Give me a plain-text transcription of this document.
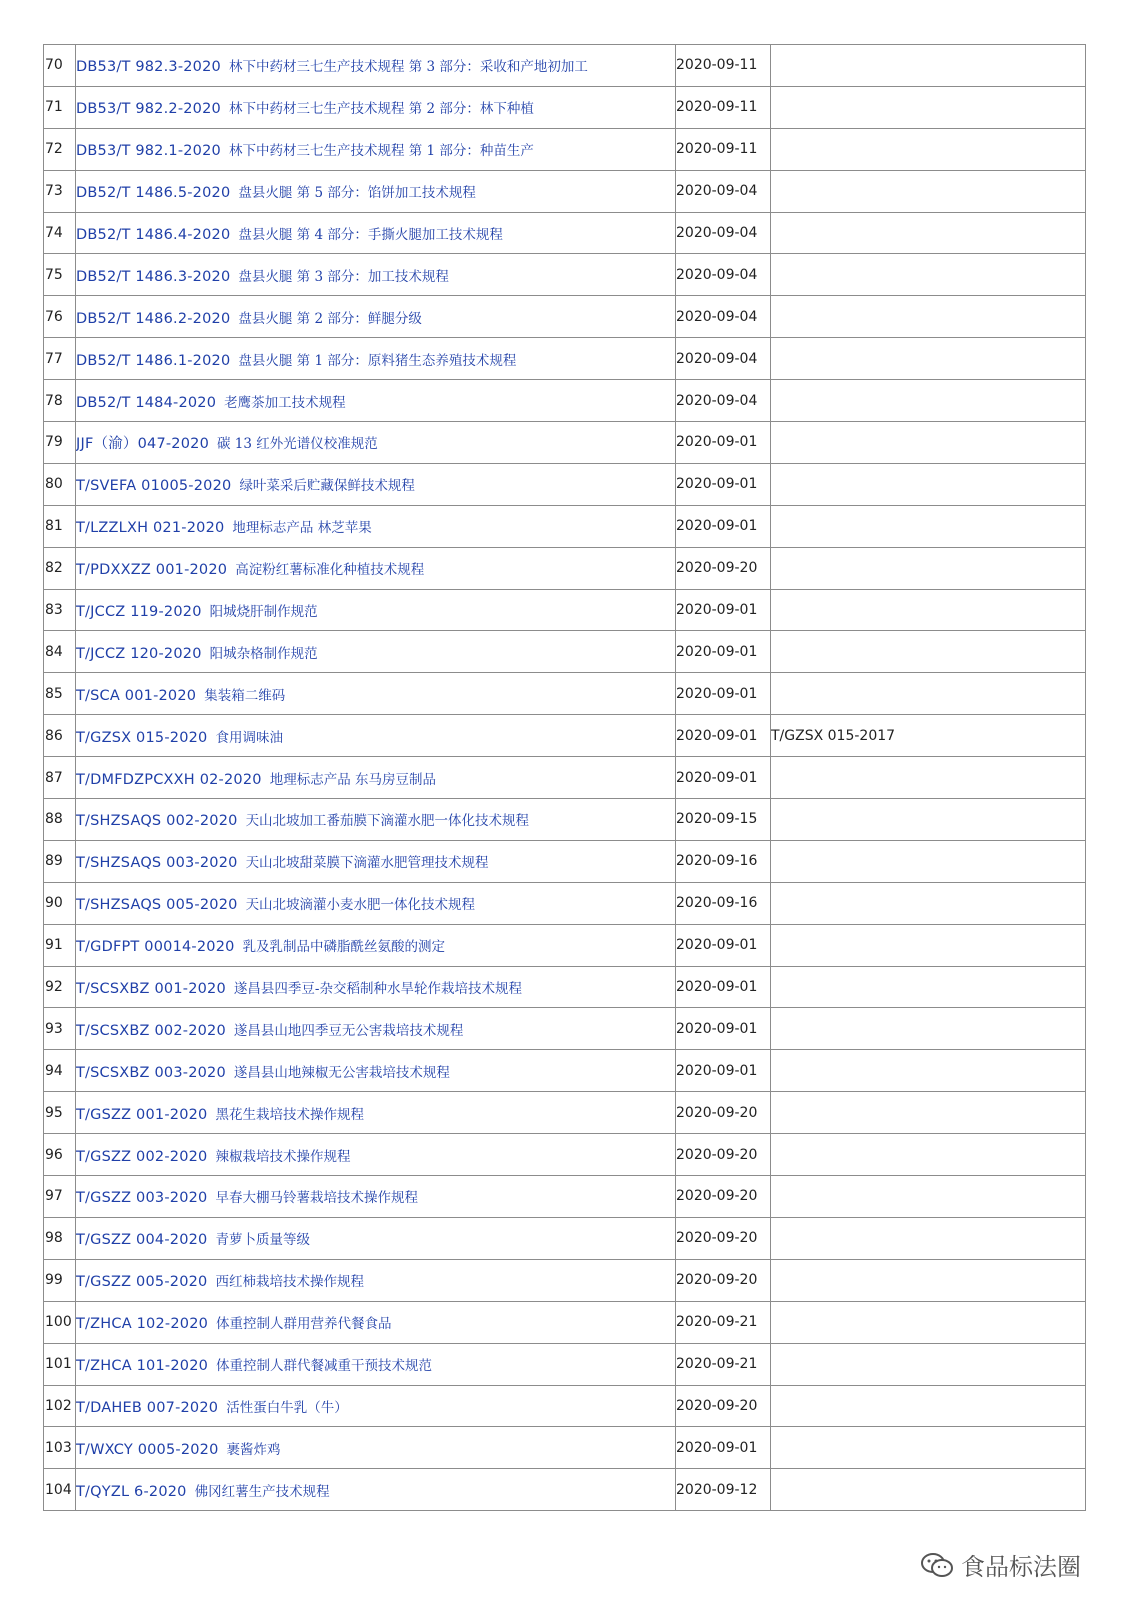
70	DB53/T 982.3-2020 林下中药材三七生产技术规程 第 3 部分：采收和产地初加工	2020-09-11	
71	DB53/T 982.2-2020 林下中药材三七生产技术规程 第 2 部分：林下种植	2020-09-11	
72	DB53/T 982.1-2020 林下中药材三七生产技术规程 第 1 部分：种苗生产	2020-09-11	
73	DB52/T 1486.5-2020 盘县火腿 第 5 部分：馅饼加工技术规程	2020-09-04	
74	DB52/T 1486.4-2020 盘县火腿 第 4 部分：手撕火腿加工技术规程	2020-09-04	
75	DB52/T 1486.3-2020 盘县火腿 第 3 部分：加工技术规程	2020-09-04	
76	DB52/T 1486.2-2020 盘县火腿 第 2 部分：鲜腿分级	2020-09-04	
77	DB52/T 1486.1-2020 盘县火腿 第 1 部分：原料猪生态养殖技术规程	2020-09-04	
78	DB52/T 1484-2020 老鹰茶加工技术规程	2020-09-04	
79	JJF（渝）047-2020 碳 13 红外光谱仪校准规范	2020-09-01	
80	T/SVEFA 01005-2020 绿叶菜采后贮藏保鲜技术规程	2020-09-01	
81	T/LZZLXH 021-2020 地理标志产品 林芝苹果	2020-09-01	
82	T/PDXXZZ 001-2020 高淀粉红薯标准化种植技术规程	2020-09-20	
83	T/JCCZ 119-2020 阳城烧肝制作规范	2020-09-01	
84	T/JCCZ 120-2020 阳城杂格制作规范	2020-09-01	
85	T/SCA 001-2020 集装箱二维码	2020-09-01	
86	T/GZSX 015-2020 食用调味油	2020-09-01	T/GZSX 015-2017
87	T/DMFDZPCXXH 02-2020 地理标志产品 东马房豆制品	2020-09-01	
88	T/SHZSAQS 002-2020 天山北坡加工番茄膜下滴灌水肥一体化技术规程	2020-09-15	
89	T/SHZSAQS 003-2020 天山北坡甜菜膜下滴灌水肥管理技术规程	2020-09-16	
90	T/SHZSAQS 005-2020 天山北坡滴灌小麦水肥一体化技术规程	2020-09-16	
91	T/GDFPT 00014-2020 乳及乳制品中磷脂酰丝氨酸的测定	2020-09-01	
92	T/SCSXBZ 001-2020 遂昌县四季豆-杂交稻制种水旱轮作栽培技术规程	2020-09-01	
93	T/SCSXBZ 002-2020 遂昌县山地四季豆无公害栽培技术规程	2020-09-01	
94	T/SCSXBZ 003-2020 遂昌县山地辣椒无公害栽培技术规程	2020-09-01	
95	T/GSZZ 001-2020 黑花生栽培技术操作规程	2020-09-20	
96	T/GSZZ 002-2020 辣椒栽培技术操作规程	2020-09-20	
97	T/GSZZ 003-2020 早春大棚马铃薯栽培技术操作规程	2020-09-20	
98	T/GSZZ 004-2020 青萝卜质量等级	2020-09-20	
99	T/GSZZ 005-2020 西红柿栽培技术操作规程	2020-09-20	
100	T/ZHCA 102-2020 体重控制人群用营养代餐食品	2020-09-21	
101	T/ZHCA 101-2020 体重控制人群代餐减重干预技术规范	2020-09-21	
102	T/DAHEB 007-2020 活性蛋白牛乳（牛）	2020-09-20	
103	T/WXCY 0005-2020 裹酱炸鸡	2020-09-01	
104	T/QYZL 6-2020 佛冈红薯生产技术规程	2020-09-12	
食品标法圈
